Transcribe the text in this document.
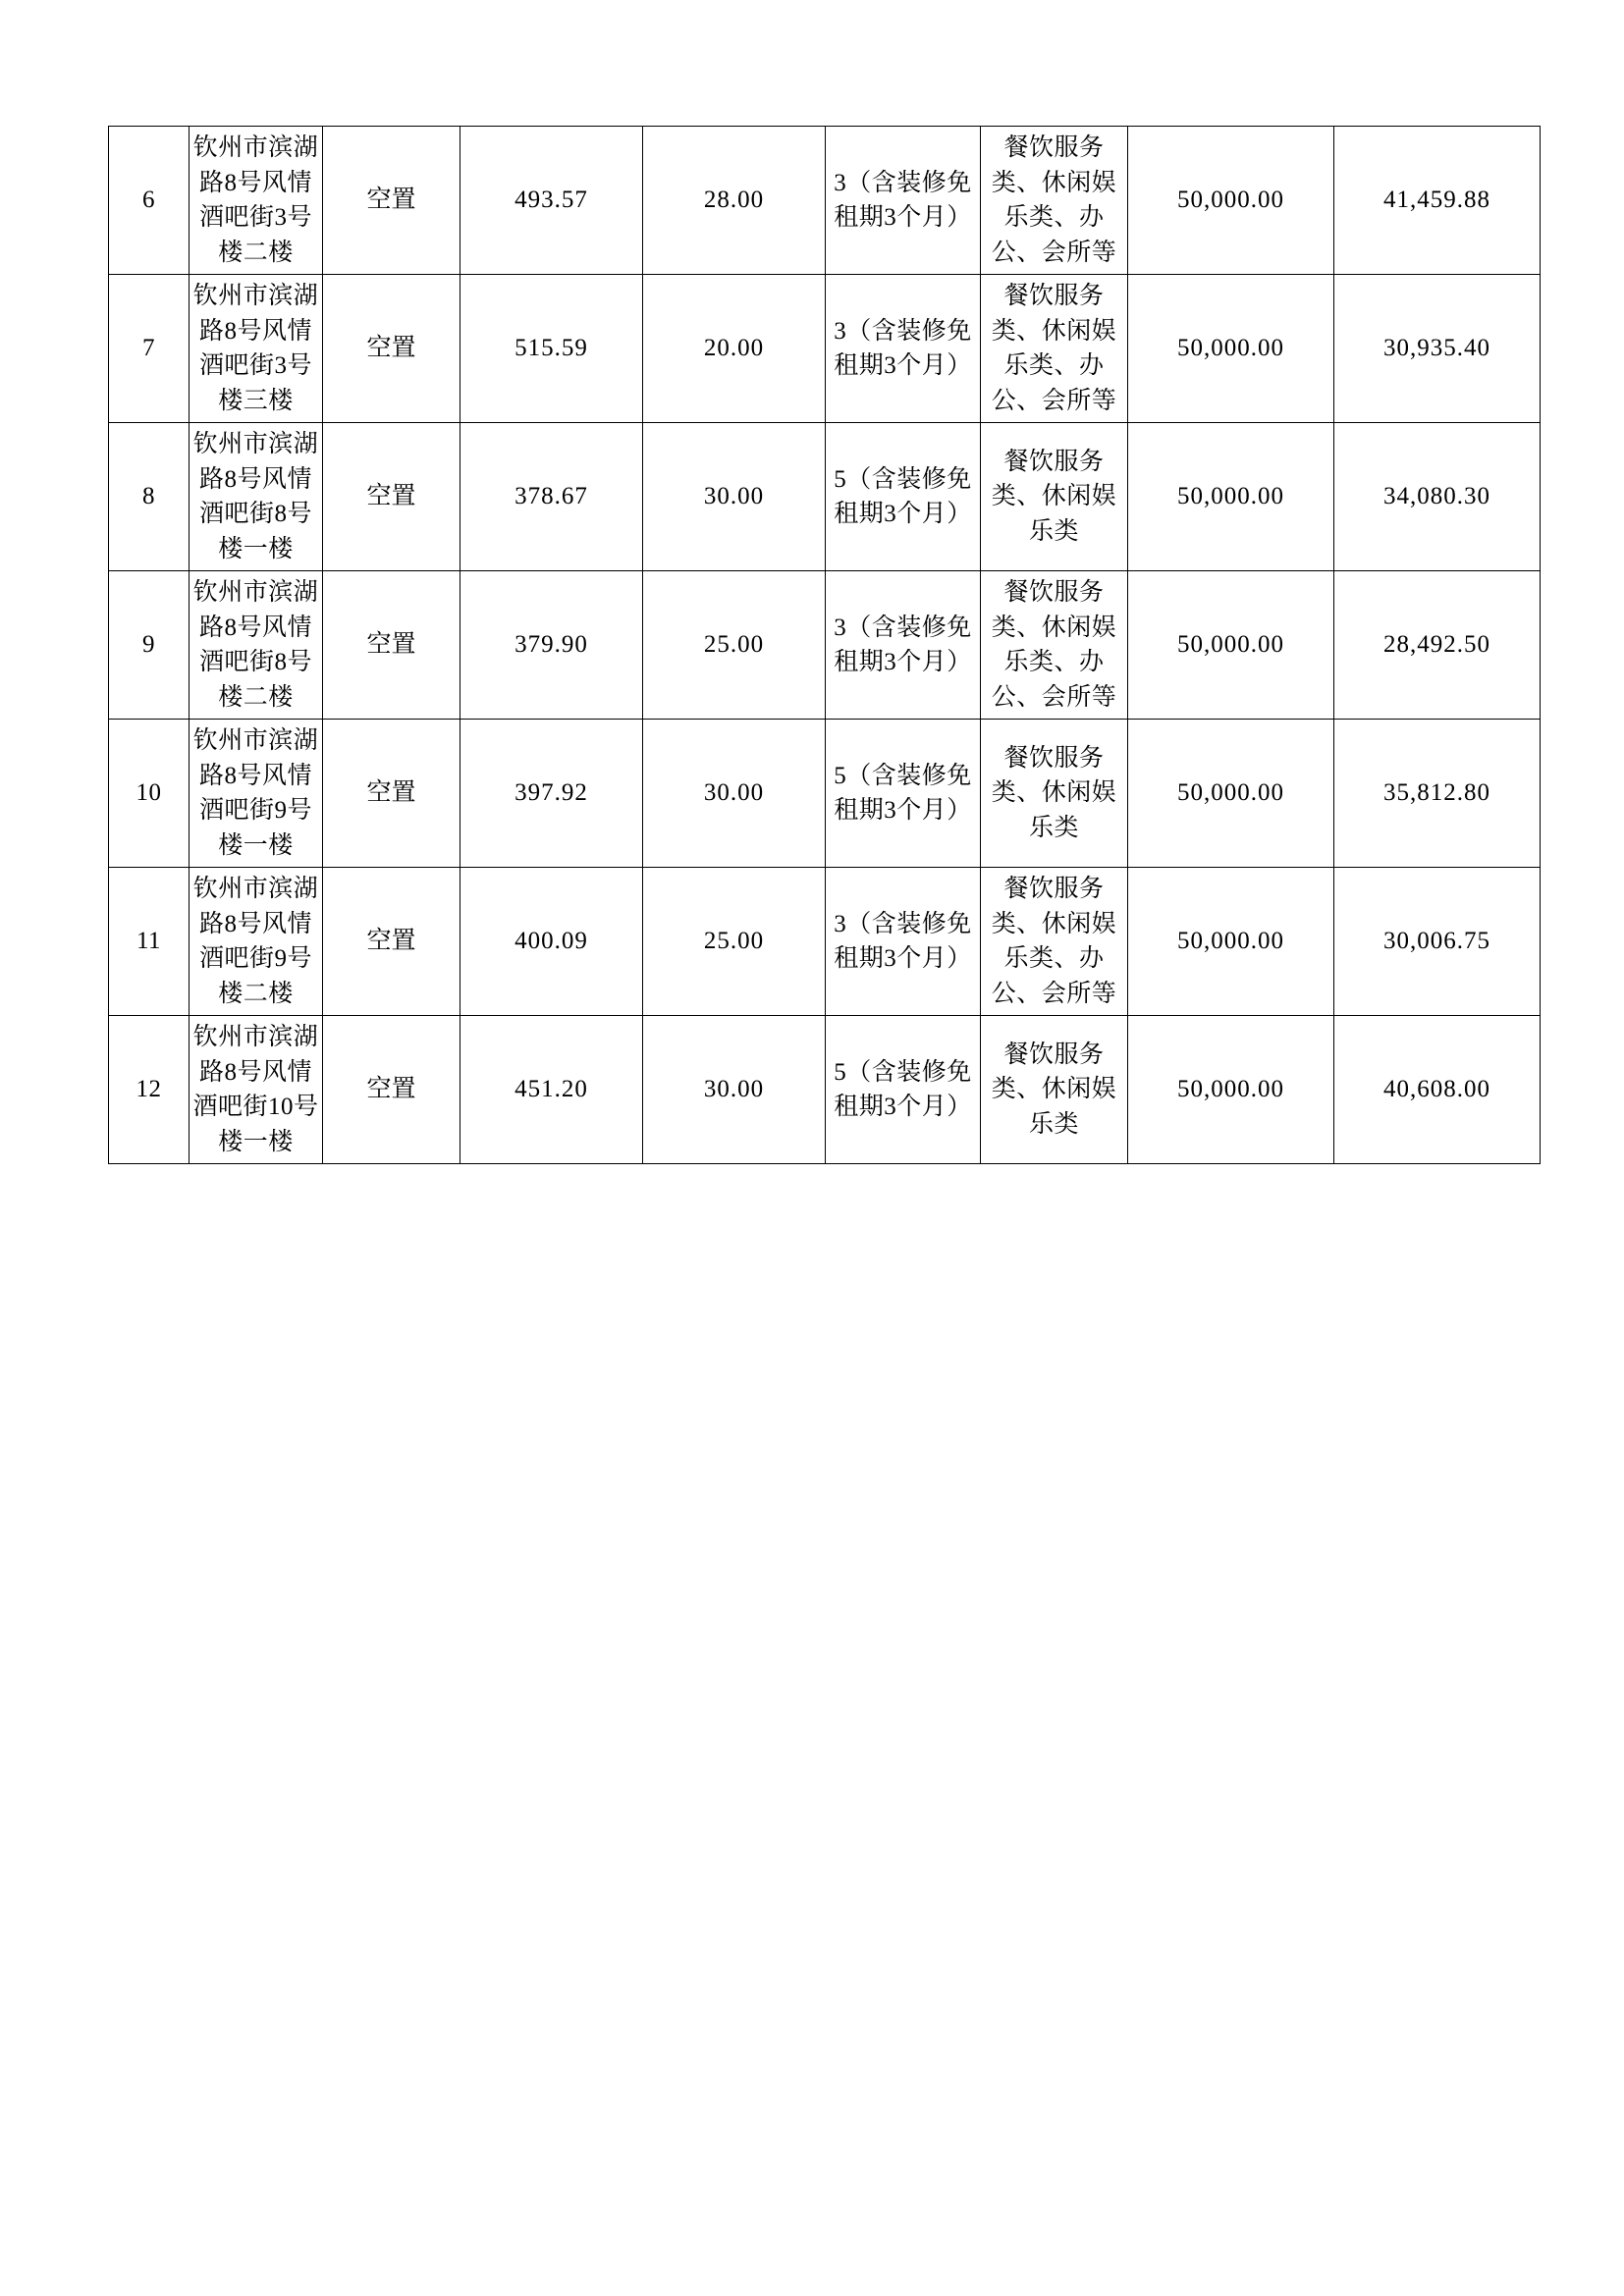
6	钦州市滨湖路8号风情酒吧街3号楼二楼	空置	493.57	28.00	3（含装修免租期3个月）	餐饮服务类、休闲娱乐类、办公、会所等	50,000.00	41,459.88
7	钦州市滨湖路8号风情酒吧街3号楼三楼	空置	515.59	20.00	3（含装修免租期3个月）	餐饮服务类、休闲娱乐类、办公、会所等	50,000.00	30,935.40
8	钦州市滨湖路8号风情酒吧街8号楼一楼	空置	378.67	30.00	5（含装修免租期3个月）	餐饮服务类、休闲娱乐类	50,000.00	34,080.30
9	钦州市滨湖路8号风情酒吧街8号楼二楼	空置	379.90	25.00	3（含装修免租期3个月）	餐饮服务类、休闲娱乐类、办公、会所等	50,000.00	28,492.50
10	钦州市滨湖路8号风情酒吧街9号楼一楼	空置	397.92	30.00	5（含装修免租期3个月）	餐饮服务类、休闲娱乐类	50,000.00	35,812.80
11	钦州市滨湖路8号风情酒吧街9号楼二楼	空置	400.09	25.00	3（含装修免租期3个月）	餐饮服务类、休闲娱乐类、办公、会所等	50,000.00	30,006.75
12	钦州市滨湖路8号风情酒吧街10号楼一楼	空置	451.20	30.00	5（含装修免租期3个月）	餐饮服务类、休闲娱乐类	50,000.00	40,608.00
